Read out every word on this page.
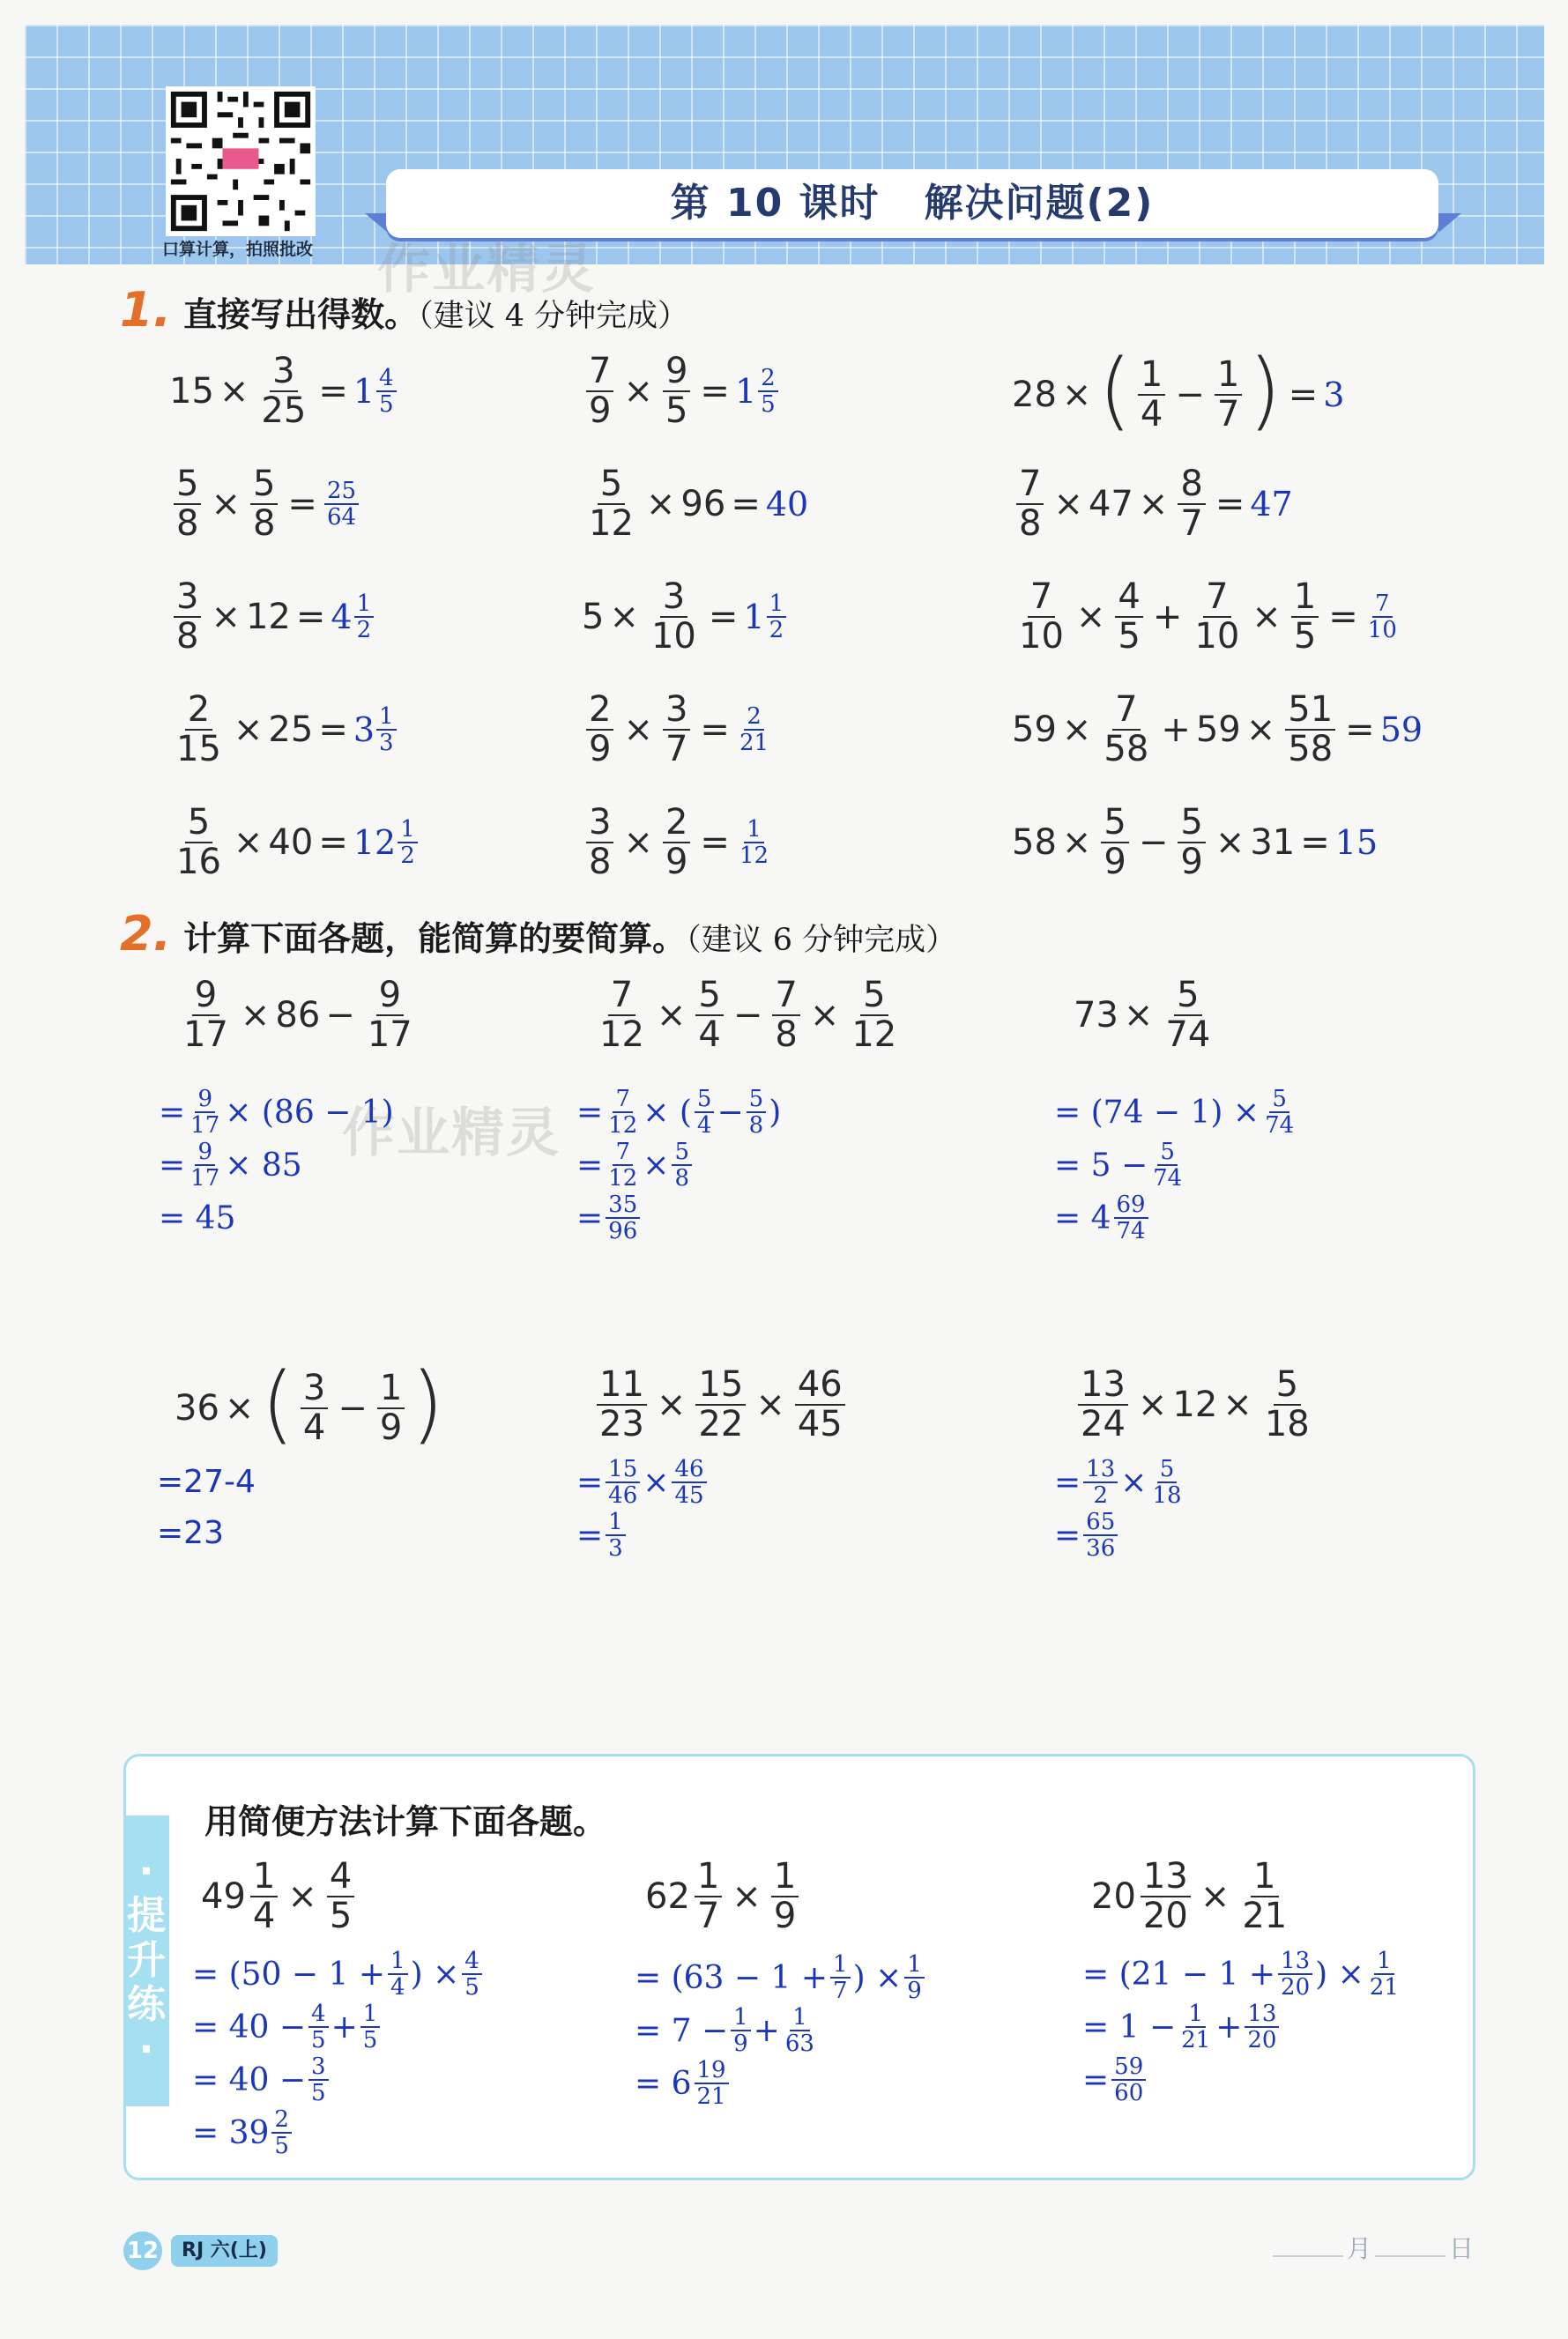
口算计算，拍照批改
第 10 课时 解决问题(2)
作业精灵
作业精灵
1. 直接写出得数。（建议 4 分钟完成）
$15 \times \frac{3}{25} = 1 \frac{4}{5}$	$\frac{7}{9} \times \frac{9}{5} = 1 \frac{2}{5}$	28 × ( $\frac{1}{4} - \frac{1}{7}$ ) = 3
$\frac{5}{8} \times \frac{5}{8} = \frac{25}{64}$	$\frac{5}{12} \times 96 = 40$	$\frac{7}{8} \times 47 \times \frac{8}{7} = 47$
$\frac{3}{8} \times 12 = 4 \frac{1}{2}$	$5 \times \frac{3}{10} = 1 \frac{1}{2}$	$\frac{7}{10} \times \frac{4}{5} + \frac{7}{10} \times \frac{1}{5} = \frac{7}{10}$
$\frac{2}{15} \times 25 = 3 \frac{1}{3}$	$\frac{2}{9} \times \frac{3}{7} = \frac{2}{21}$	$59 \times \frac{7}{58} + 59 \times \frac{51}{58} = 59$
$\frac{5}{16} \times 40 = 12 \frac{1}{2}$	$\frac{3}{8} \times \frac{2}{9} = \frac{1}{12}$	$58 \times \frac{5}{9} - \frac{5}{9} \times 31 = 15$
2. 计算下面各题，能简算的要简算。（建议 6 分钟完成）
$\frac{9}{17} \times 86 - \frac{9}{17}$
= $\frac{9}{17} \times (86 - 1)$
= $\frac{9}{17} \times 85$
= 45
$\frac{7}{12} \times \frac{5}{4} - \frac{7}{8} \times \frac{5}{12}$
= $\frac{7}{12}$ × ( $\frac{5}{4} - \frac{5}{8}$ )
= $\frac{7}{12} \times \frac{5}{8}$
= $\frac{35}{96}$
$73 \times \frac{5}{74}$
= $(74 - 1) \times \frac{5}{74}$
= $5 - \frac{5}{74}$
= $4 \frac{69}{74}$
36 × ( $\frac{3}{4} - \frac{1}{9}$ )
=27-4
=23
$\frac{11}{23} \times \frac{15}{22} \times \frac{46}{45}$
= $\frac{15}{46} \times \frac{46}{45}$
= $\frac{1}{3}$
$\frac{13}{24} \times 12 \times \frac{5}{18}$
= $\frac{13}{2} \times \frac{5}{18}$
= $\frac{65}{36}$
·
提
升
练
·
用简便方法计算下面各题。
$49 \frac{1}{4} \times \frac{4}{5}$
= ($50 - 1 + \frac{1}{4}$ ) × $\frac{4}{5}$
= $40 - \frac{4}{5} + \frac{1}{5}$
= $40 - \frac{3}{5}$
= $39 \frac{2}{5}$
$62 \frac{1}{7} \times \frac{1}{9}$
= ($63 - 1 + \frac{1}{7}$ ) × $\frac{1}{9}$
= $7 - \frac{1}{9} + \frac{1}{63}$
= $6 \frac{19}{21}$
$20 \frac{13}{20} \times \frac{1}{21}$
= ($21 - 1 + \frac{13}{20}$ ) × $\frac{1}{21}$
= $1 - \frac{1}{21} + \frac{13}{20}$
= $\frac{59}{60}$
12	RJ 六(上)	月	日
